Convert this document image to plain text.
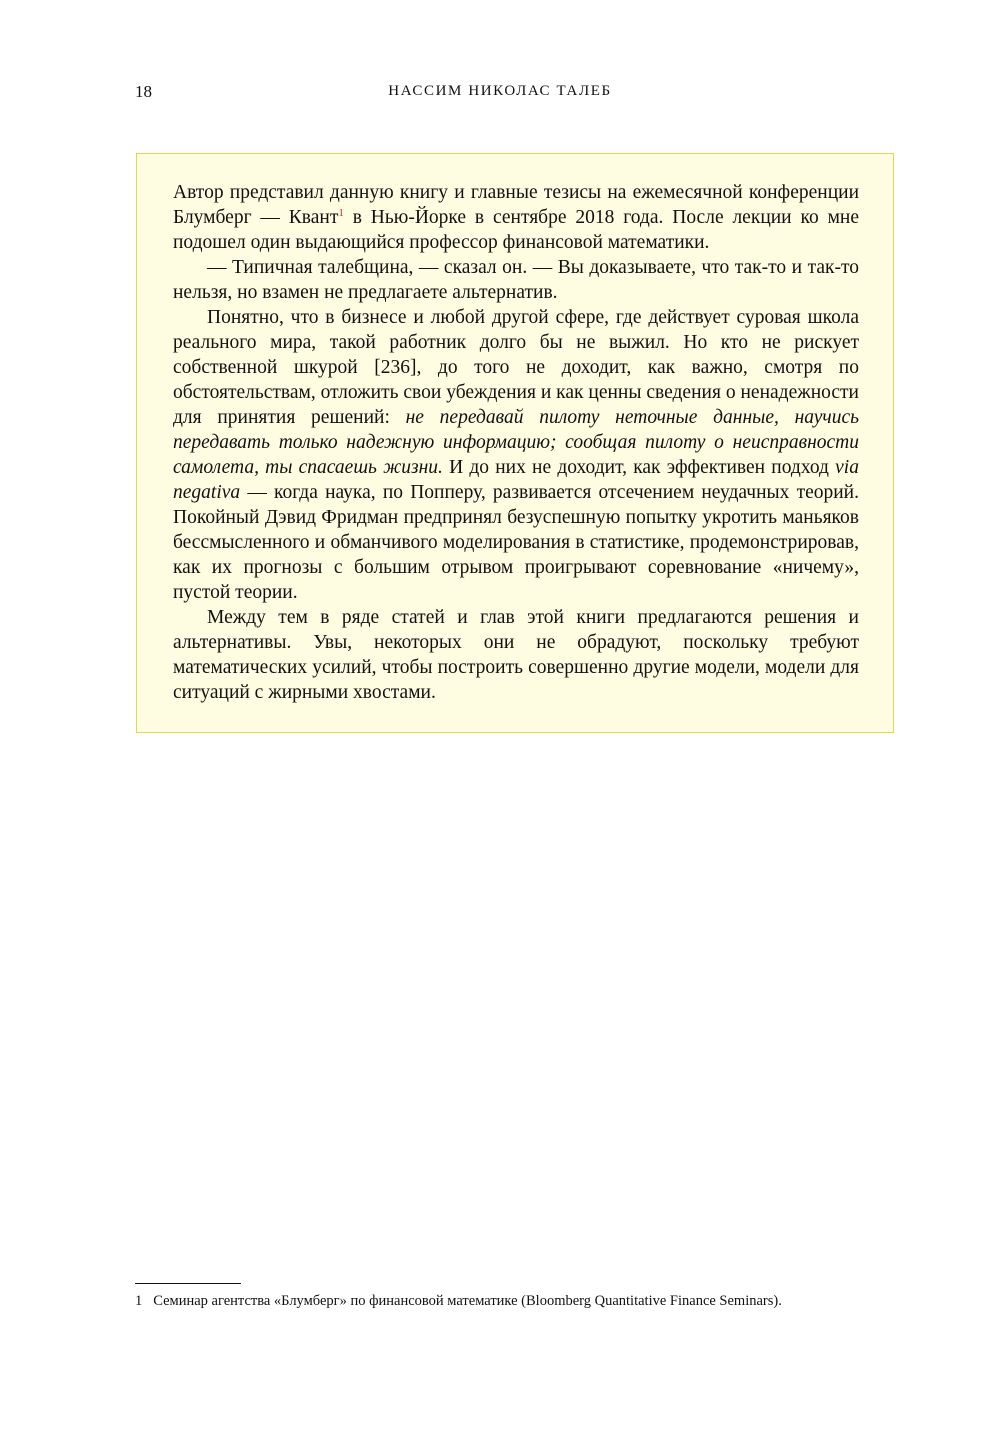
18	НАССИМ НИКОЛАС ТАЛЕБ

Автор представил данную книгу и главные тезисы на ежемесячной конференции Блумберг — Квант$^1$ в Нью-Йорке в сентябре 2018 года. После лекции ко мне подошел один выдающийся профессор финансовой математики.

— Типичная талебщина, — сказал он. — Вы доказываете, что так-то и так-то нельзя, но взамен не предлагаете альтернатив.

Понятно, что в бизнесе и любой другой сфере, где действует суровая школа реального мира, такой работник долго бы не выжил. Но кто не рискует собственной шкурой [236], до того не доходит, как важно, смотря по обстоятельствам, отложить свои убеждения и как ценны сведения о ненадежности для принятия решений: не передавай пилоту неточные данные, научись передавать только надежную информацию; сообщая пилоту о неисправности самолета, ты спасаешь жизни. И до них не доходит, как эффективен подход via negativa — когда наука, по Попперу, развивается отсечением неудачных теорий. Покойный Дэвид Фридман предпринял безуспешную попытку укротить маньяков бессмысленного и обманчивого моделирования в статистике, продемонстрировав, как их прогнозы с большим отрывом проигрывают соревнование «ничему», пустой теории.

Между тем в ряде статей и глав этой книги предлагаются решения и альтернативы. Увы, некоторых они не обрадуют, поскольку требуют математических усилий, чтобы построить совершенно другие модели, модели для ситуаций с жирными хвостами.

1 Семинар агентства «Блумберг» по финансовой математике (Bloomberg Quantitative Finance Seminars).
